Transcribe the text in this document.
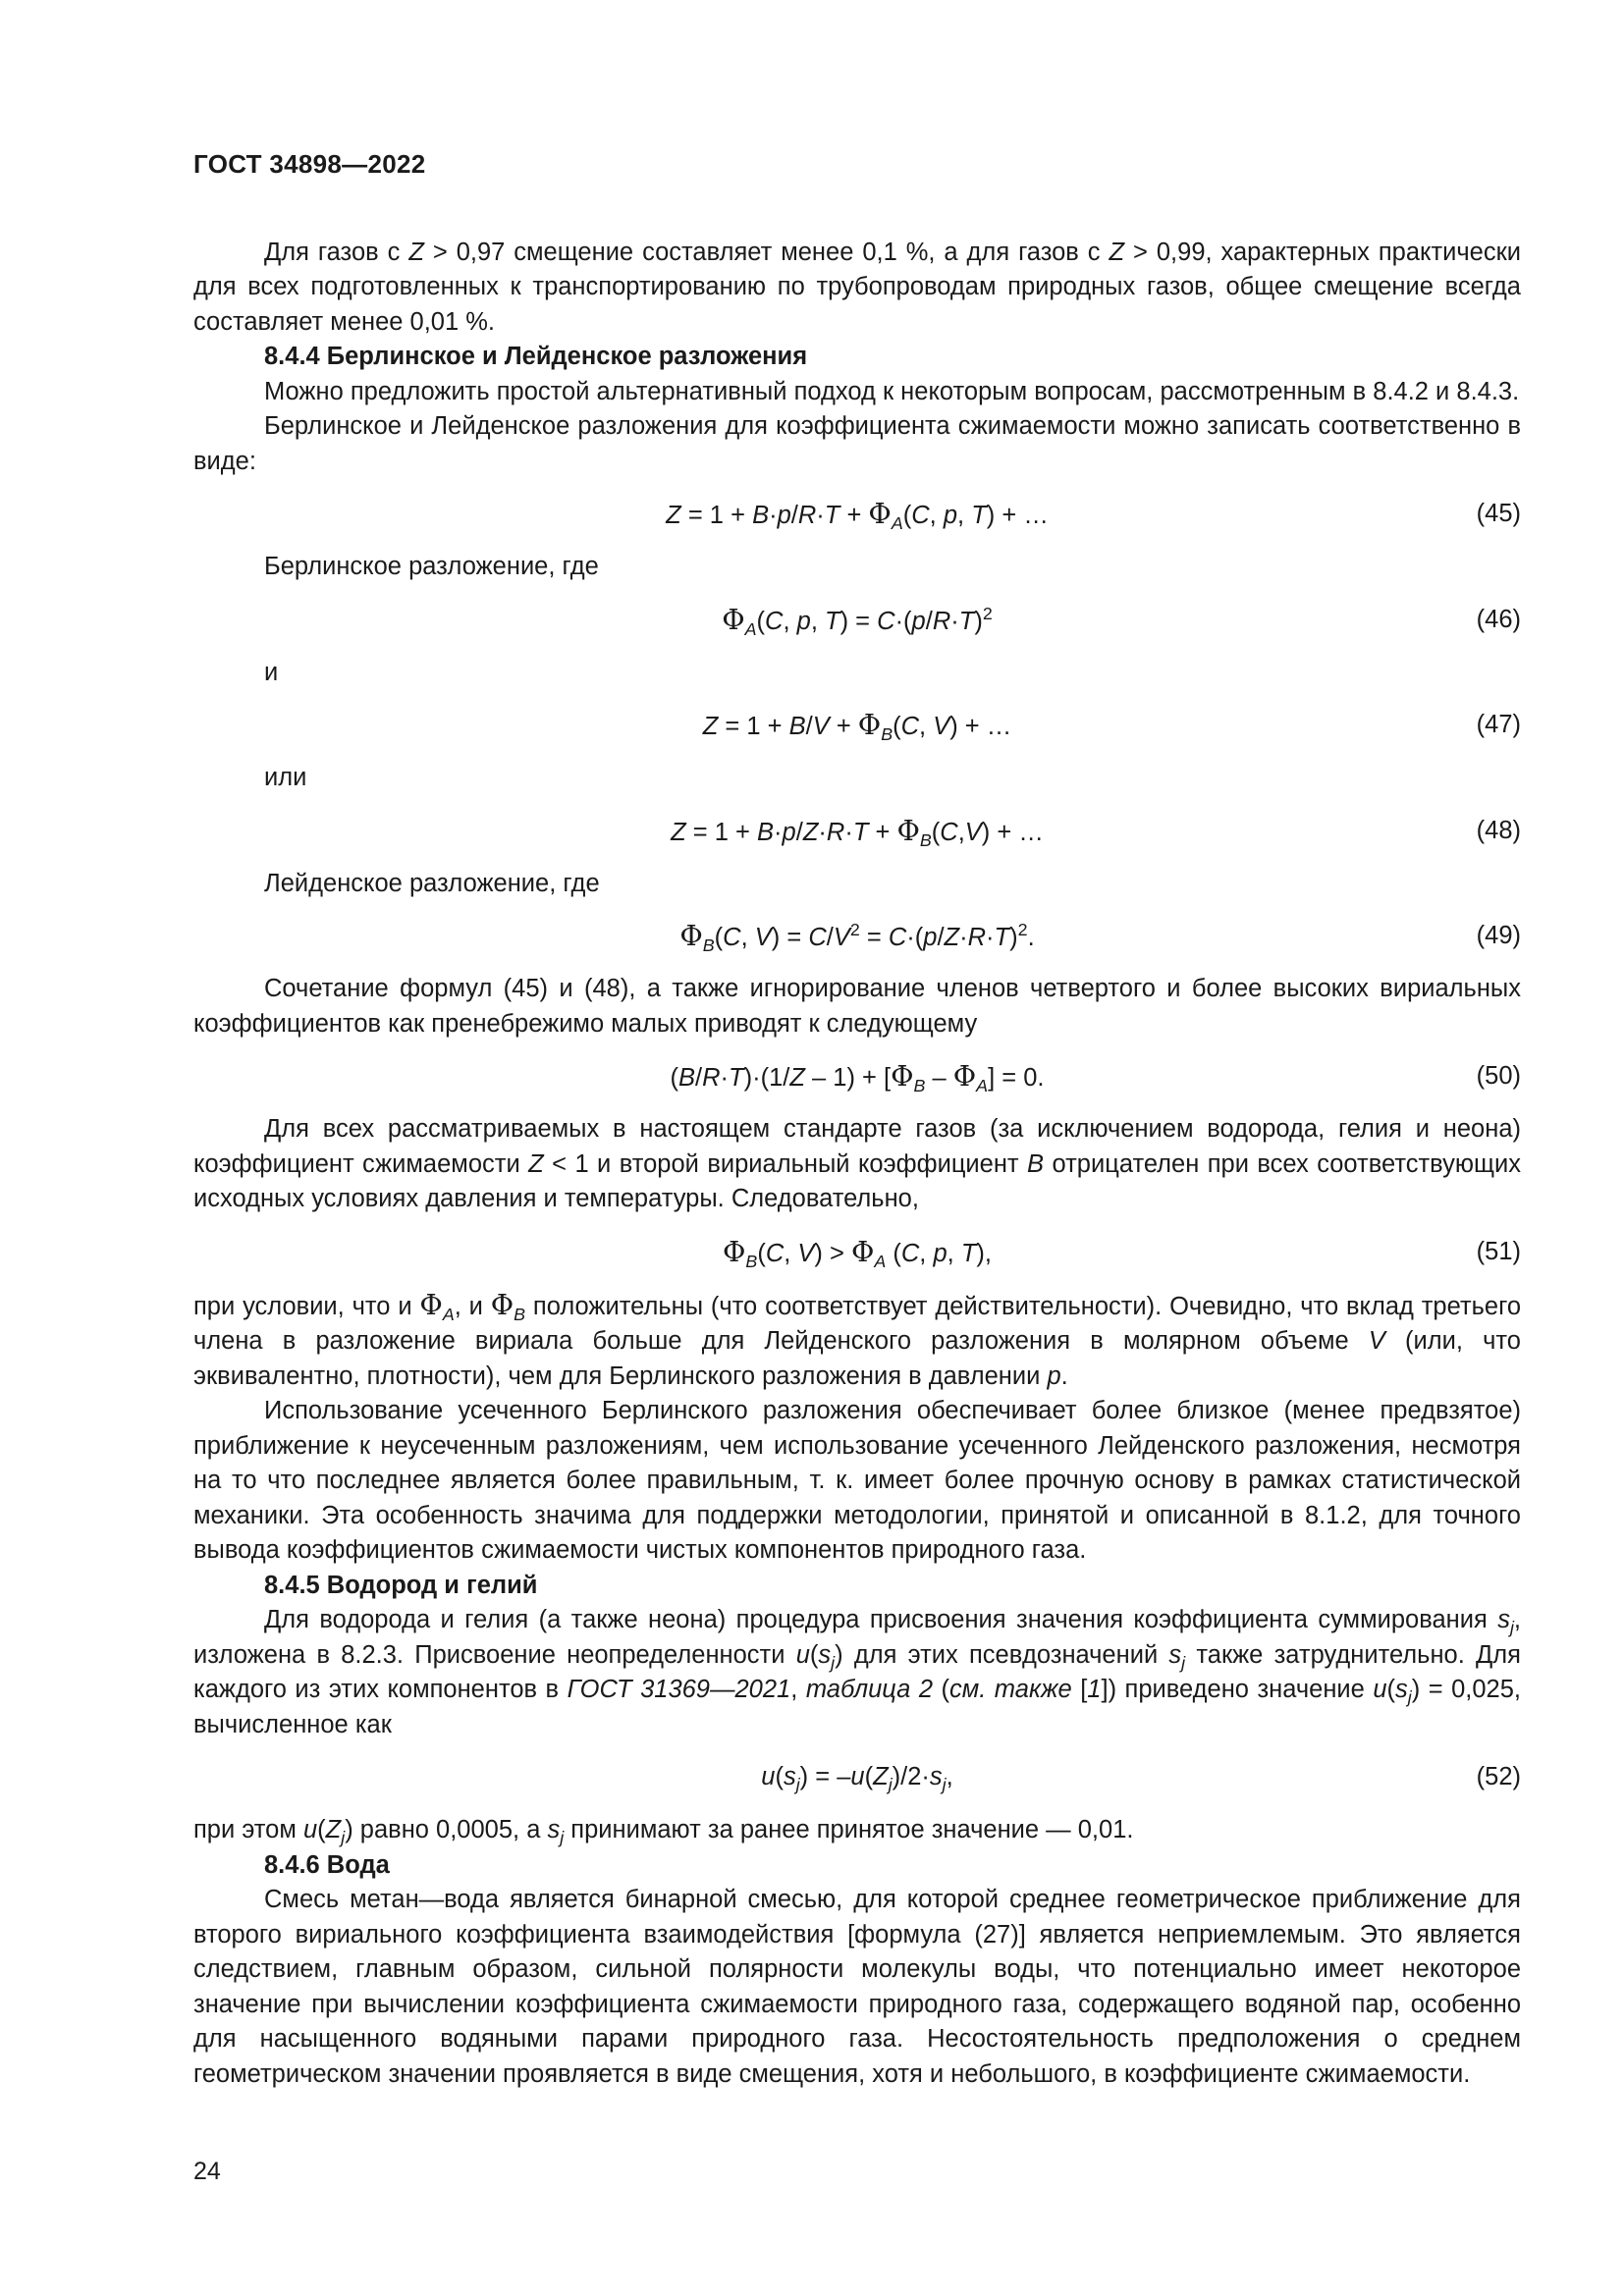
ГОСТ 34898—2022

Для газов с Z > 0,97 смещение составляет менее 0,1 %, а для газов с Z > 0,99, характерных практически для всех подготовленных к транспортированию по трубопроводам природных газов, общее смещение всегда составляет менее 0,01 %.

8.4.4 Берлинское и Лейденское разложения

Можно предложить простой альтернативный подход к некоторым вопросам, рассмотренным в 8.4.2 и 8.4.3.

Берлинское и Лейденское разложения для коэффициента сжимаемости можно записать соответственно в виде:

$Z = 1 + B\cdot p/R\cdot T + \Phi_A(C$, p, T) + …	(45)
Берлинское разложение, где
$\Phi_A(C$, p, $T) = C\cdot(p/R\cdot T)^2$	(46)
и
$Z = 1 + B/V + \Phi_B(C$, V) + …	(47)
или
$Z = 1 + B\cdot p/Z\cdot R\cdot T + \Phi_B(C,V)$ + …	(48)
Лейденское разложение, где
$\Phi_B(C$, $V) = C/V^2 = C\cdot(p/Z\cdot R\cdot T)^2$.	(49)

Сочетание формул (45) и (48), а также игнорирование членов четвертого и более высоких вириальных коэффициентов как пренебрежимо малых приводят к следующему

$(B/R\cdot T)\cdot(1/Z - 1) + [\Phi_B - \Phi_A] = 0$.	(50)

Для всех рассматриваемых в настоящем стандарте газов (за исключением водорода, гелия и неона) коэффициент сжимаемости Z < 1 и второй вириальный коэффициент B отрицателен при всех соответствующих исходных условиях давления и температуры. Следовательно,

$\Phi_B(C$, $V) > \Phi_A$ (C, p, T),	(51)

при условии, что и $\Phi_A$, и $\Phi_B$ положительны (что соответствует действительности). Очевидно, что вклад третьего члена в разложение вириала больше для Лейденского разложения в молярном объеме V (или, что эквивалентно, плотности), чем для Берлинского разложения в давлении p.

Использование усеченного Берлинского разложения обеспечивает более близкое (менее предвзятое) приближение к неусеченным разложениям, чем использование усеченного Лейденского разложения, несмотря на то что последнее является более правильным, т. к. имеет более прочную основу в рамках статистической механики. Эта особенность значима для поддержки методологии, принятой и описанной в 8.1.2, для точного вывода коэффициентов сжимаемости чистых компонентов природного газа.

8.4.5 Водород и гелий

Для водорода и гелия (а также неона) процедура присвоения значения коэффициента суммирования $s_j$, изложена в 8.2.3. Присвоение неопределенности $u(s_j)$ для этих псевдозначений $s_j$ также затруднительно. Для каждого из этих компонентов в ГОСТ 31369—2021, таблица 2 (см. также [1]) приведено значение $u(s_j) = 0,025$, вычисленное как

$u(s_j) = -u(Z_j)/2\cdot s_j$,	(52)

при этом $u(Z_j)$ равно 0,0005, а $s_j$ принимают за ранее принятое значение — 0,01.

8.4.6 Вода

Смесь метан—вода является бинарной смесью, для которой среднее геометрическое приближение для второго вириального коэффициента взаимодействия [формула (27)] является неприемлемым. Это является следствием, главным образом, сильной полярности молекулы воды, что потенциально имеет некоторое значение при вычислении коэффициента сжимаемости природного газа, содержащего водяной пар, особенно для насыщенного водяными парами природного газа. Несостоятельность предположения о среднем геометрическом значении проявляется в виде смещения, хотя и небольшого, в коэффициенте сжимаемости.

24
